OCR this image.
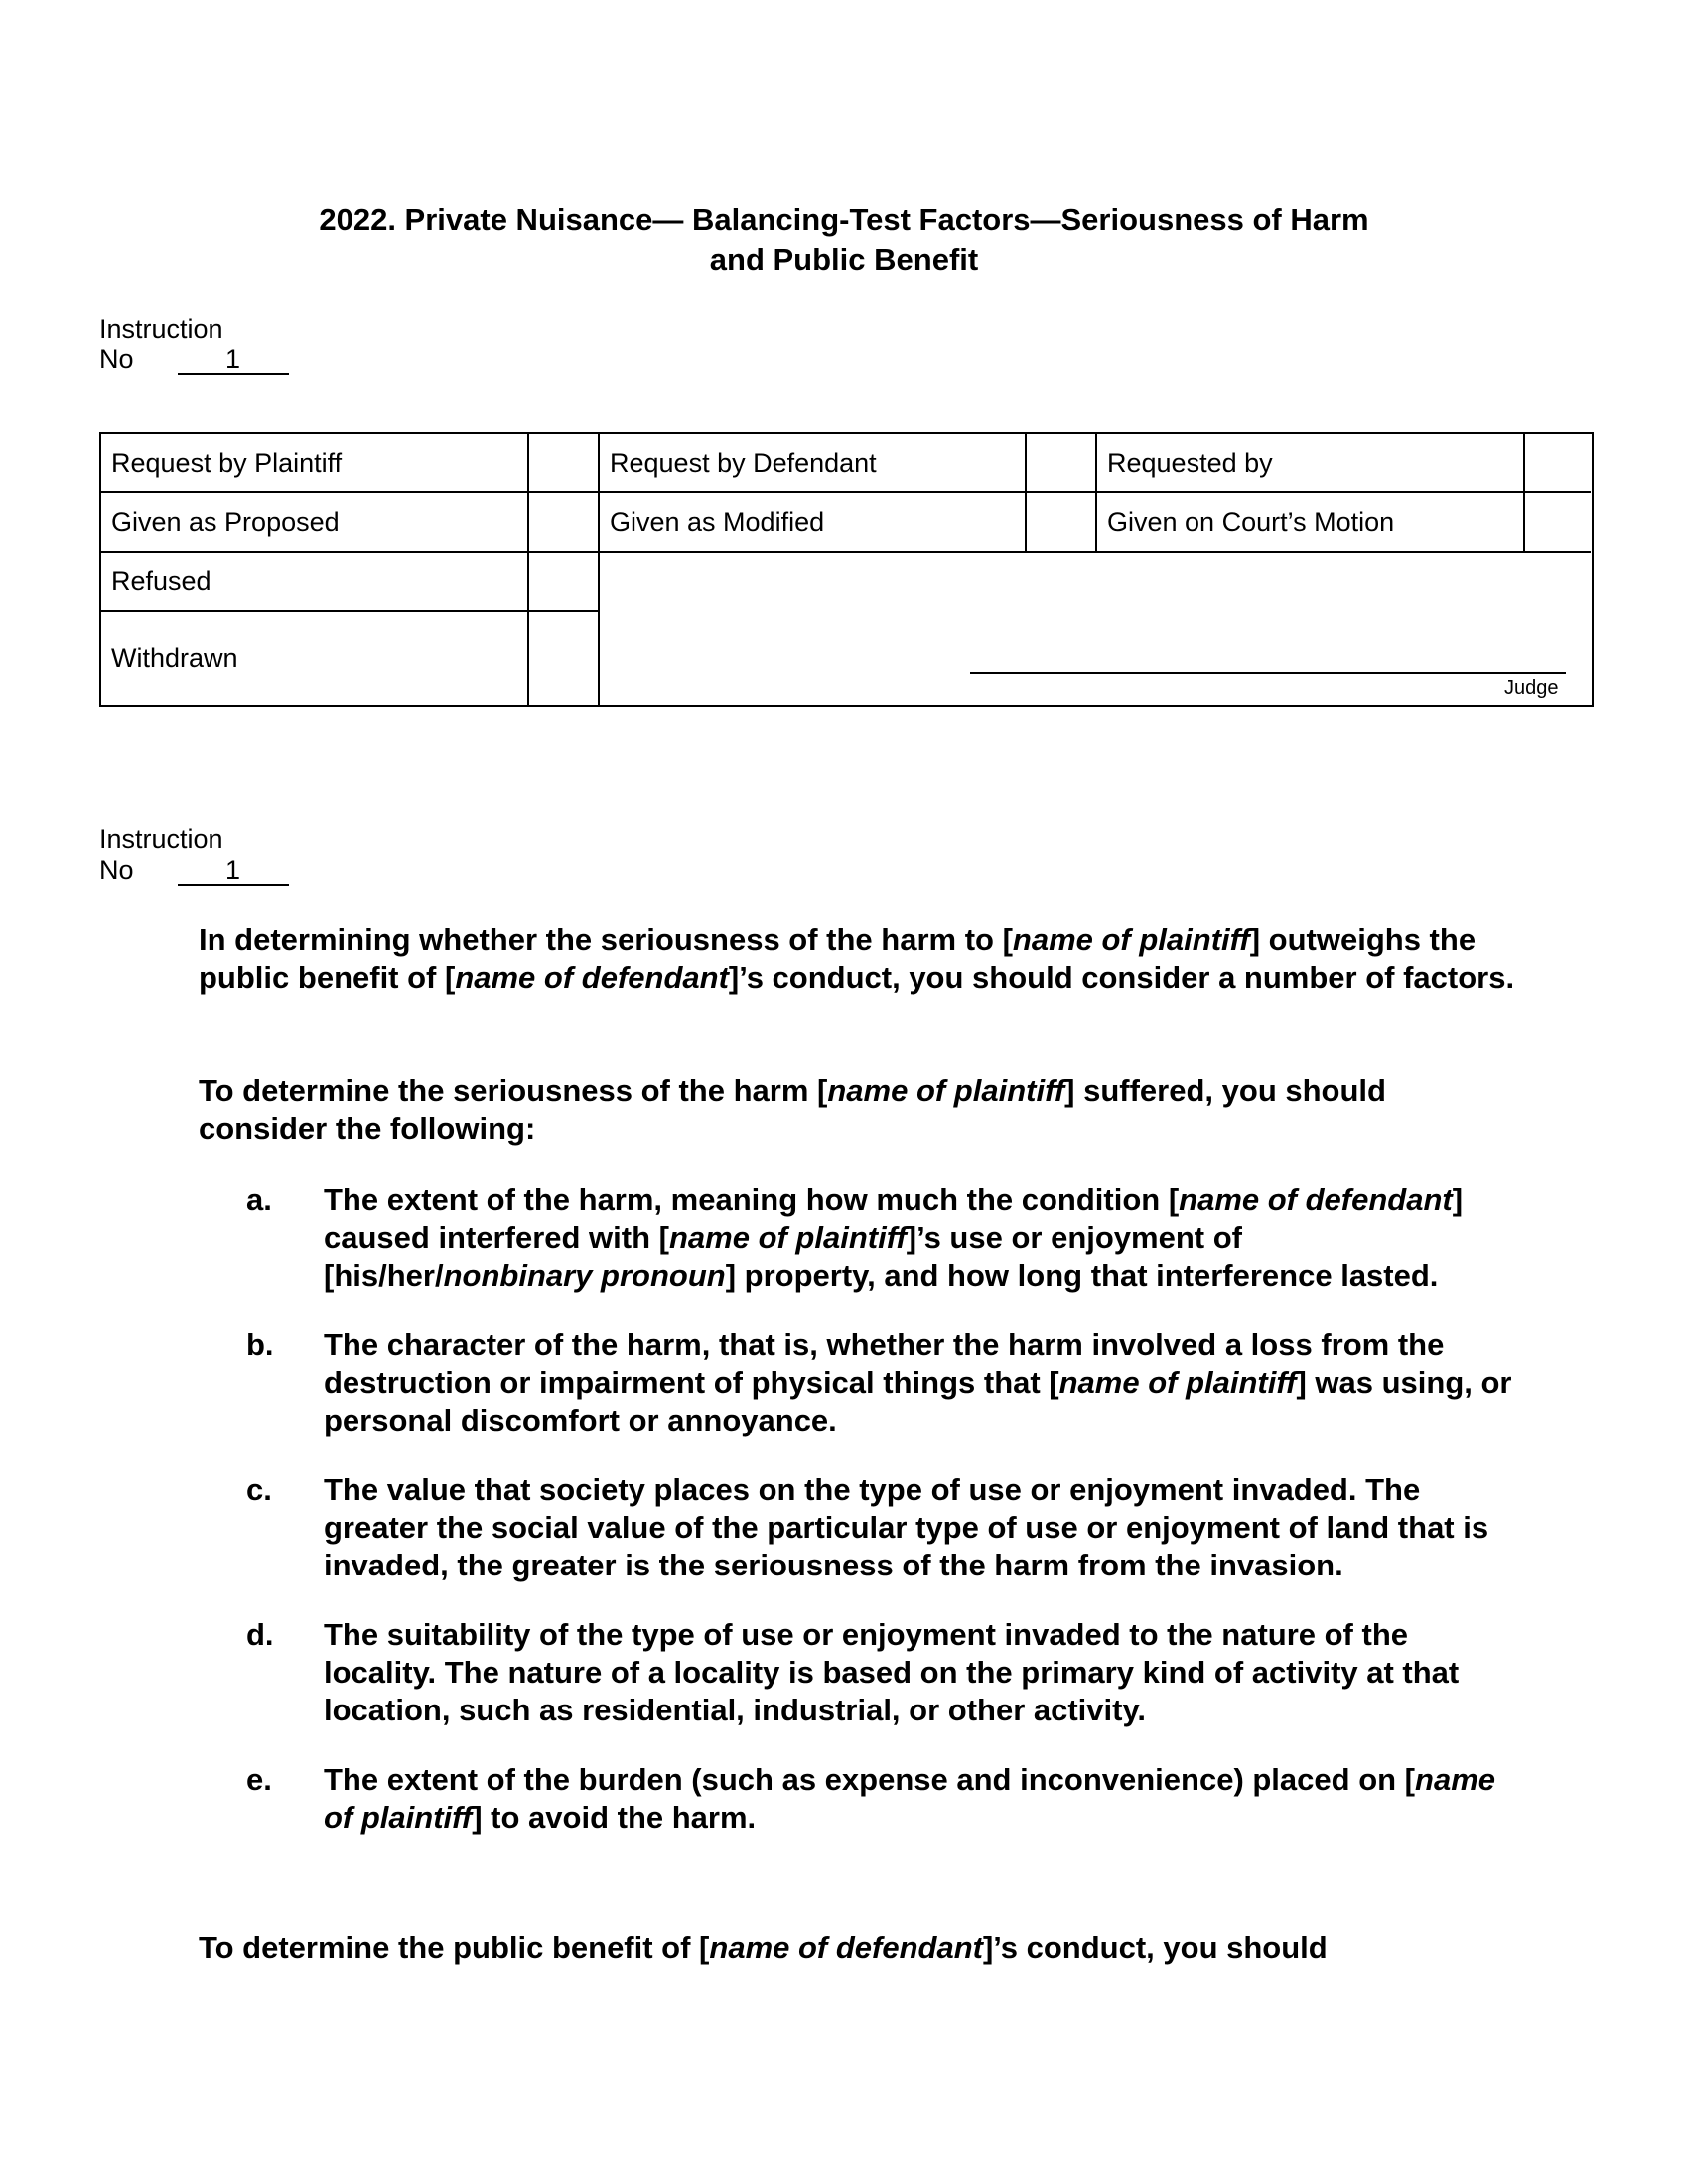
2022. Private Nuisance— Balancing-Test Factors—Seriousness of Harm
and Public Benefit
Instruction
No	1
Request by Plaintiff	Request by Defendant	Requested by
Given as Proposed	Given as Modified	Given on Court’s Motion
Refused
Withdrawn
Judge
Instruction
No	1
In determining whether the seriousness of the harm to [name of plaintiff] outweighs the public benefit of [name of defendant]’s conduct, you should consider a number of factors.
To determine the seriousness of the harm [name of plaintiff] suffered, you should consider the following:
a. The extent of the harm, meaning how much the condition [name of defendant] caused interfered with [name of plaintiff]’s use or enjoyment of [his/her/nonbinary pronoun] property, and how long that interference lasted.
b. The character of the harm, that is, whether the harm involved a loss from the destruction or impairment of physical things that [name of plaintiff] was using, or personal discomfort or annoyance.
c. The value that society places on the type of use or enjoyment invaded. The greater the social value of the particular type of use or enjoyment of land that is invaded, the greater is the seriousness of the harm from the invasion.
d. The suitability of the type of use or enjoyment invaded to the nature of the locality. The nature of a locality is based on the primary kind of activity at that location, such as residential, industrial, or other activity.
e. The extent of the burden (such as expense and inconvenience) placed on [name of plaintiff] to avoid the harm.
To determine the public benefit of [name of defendant]’s conduct, you should
